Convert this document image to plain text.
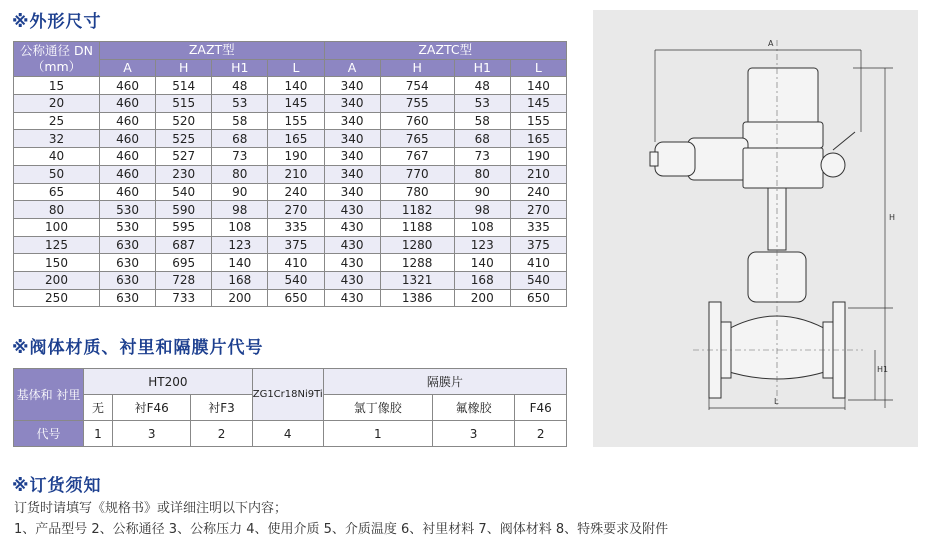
※外形尺寸
公称通径 DN（mm）	ZAZT型				ZAZTC型			
	A	H	H1	L	A	H	H1	L
15	460	514	48	140	340	754	48	140
20	460	515	53	145	340	755	53	145
25	460	520	58	155	340	760	58	155
32	460	525	68	165	340	765	68	165
40	460	527	73	190	340	767	73	190
50	460	230	80	210	340	770	80	210
65	460	540	90	240	340	780	90	240
80	530	590	98	270	430	1182	98	270
100	530	595	108	335	430	1188	108	335
125	630	687	123	375	430	1280	123	375
150	630	695	140	410	430	1288	140	410
200	630	728	168	540	430	1321	168	540
250	630	733	200	650	430	1386	200	650
※阀体材质、衬里和隔膜片代号
基体和 衬里	HT200			ZG1Cr18Ni9Ti	隔膜片		
	无	衬F46	衬F3		氯丁像胶	氟橡胶	F46
代号	1	3	2	4	1	3	2
※订货须知
订货时请填写《规格书》或详细注明以下内容；
1、产品型号 2、公称通径 3、公称压力 4、使用介质 5、介质温度 6、衬里材料 7、阀体材料 8、特殊要求及附件
A
H
H1
L
